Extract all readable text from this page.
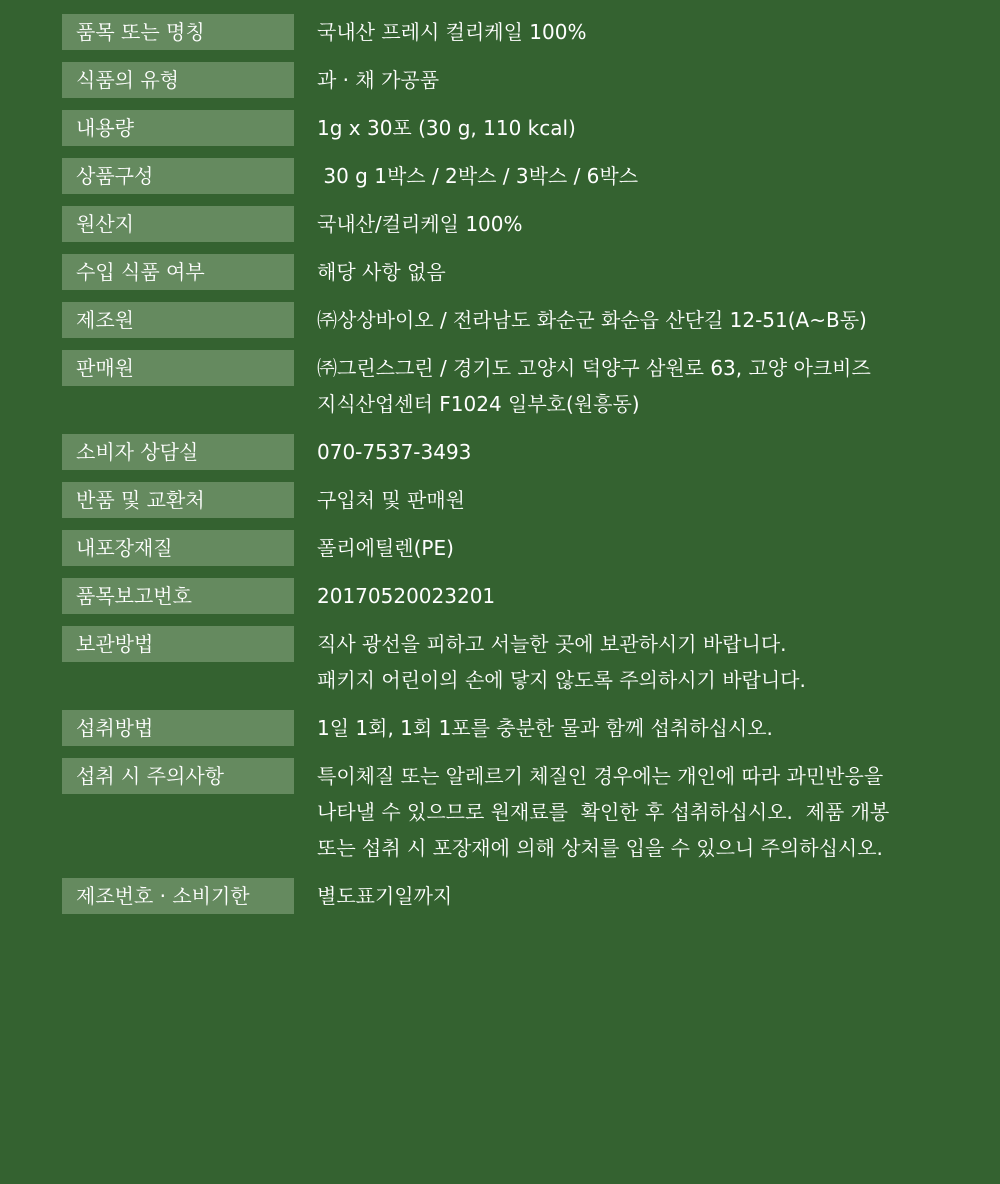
품목 또는 명칭	국내산 프레시 컬리케일 100%
식품의 유형	과 · 채 가공품
내용량	1g x 30포 (30 g, 110 kcal)
상품구성	30 g 1박스 / 2박스 / 3박스 / 6박스
원산지	국내산/컬리케일 100%
수입 식품 여부	해당 사항 없음
제조원	㈜상상바이오 / 전라남도 화순군 화순읍 산단길 12-51(A~B동)
판매원	㈜그린스그린 / 경기도 고양시 덕양구 삼원로 63, 고양 아크비즈
지식산업센터 F1024 일부호(원흥동)
소비자 상담실	070-7537-3493
반품 및 교환처	구입처 및 판매원
내포장재질	폴리에틸렌(PE)
품목보고번호	20170520023201
보관방법	직사 광선을 피하고 서늘한 곳에 보관하시기 바랍니다.
패키지 어린이의 손에 닿지 않도록 주의하시기 바랍니다.
섭취방법	1일 1회, 1회 1포를 충분한 물과 함께 섭취하십시오.
섭취 시 주의사항	특이체질 또는 알레르기 체질인 경우에는 개인에 따라 과민반응을
나타낼 수 있으므로 원재료를  확인한 후 섭취하십시오.  제품 개봉
또는 섭취 시 포장재에 의해 상처를 입을 수 있으니 주의하십시오.
제조번호 · 소비기한	별도표기일까지
